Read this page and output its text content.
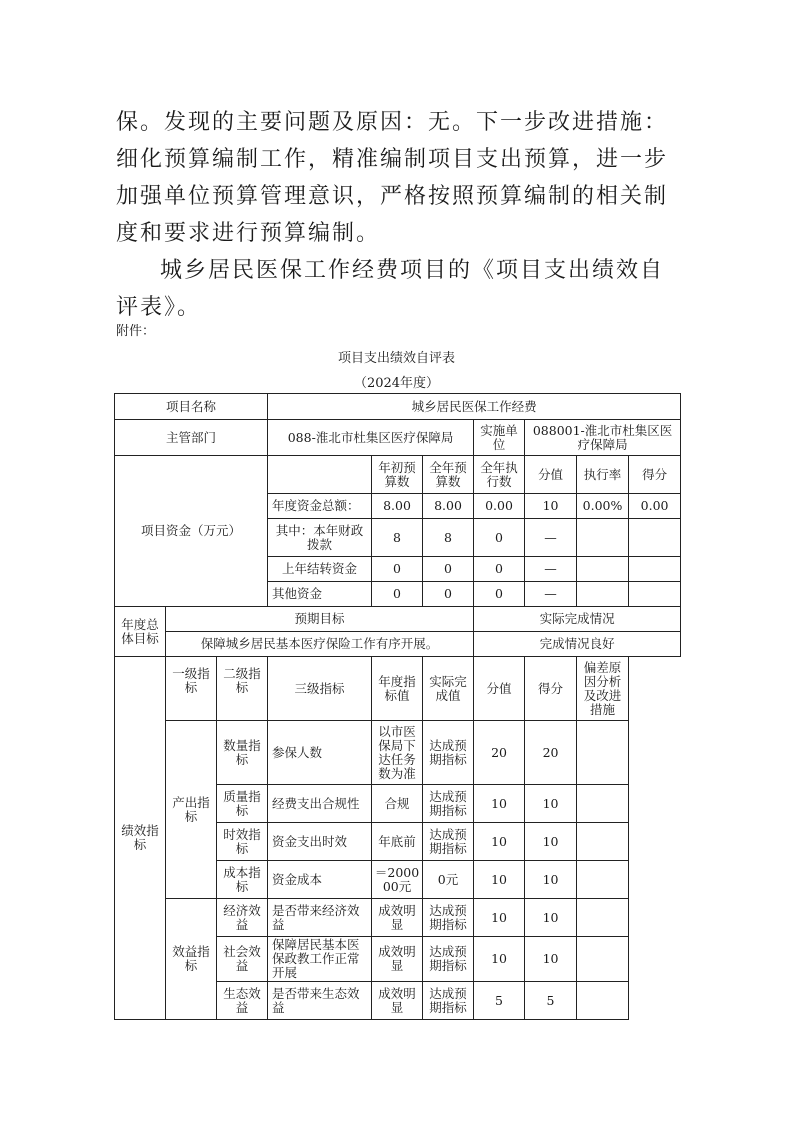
保。发现的主要问题及原因：无。下一步改进措施：细化预算编制工作，精准编制项目支出预算，进一步加强单位预算管理意识，严格按照预算编制的相关制度和要求进行预算编制。

城乡居民医保工作经费项目的《项目支出绩效自评表》。

附件：
项目支出绩效自评表
（2024年度）
项目名称			城乡居民医保工作经费						
主管部门			088-淮北市杜集区医疗保障局			实施单位	088001-淮北市杜集区医疗保障局		
项目资金（万元）				年初预算数	全年预算数	全年执行数	分值	执行率	得分
			年度资金总额：	8.00	8.00	0.00	10	0.00%	0.00
			其中：本年财政拨款	8	8	0	—		
			上年结转资金	0	0	0	—		
			其他资金	0	0	0	—		
年度总体目标	预期目标					实际完成情况			
	保障城乡居民基本医疗保险工作有序开展。					完成情况良好			
绩效指标	一级指标	二级指标	三级指标	年度指标值	实际完成值	分值	得分	偏差原因分析及改进措施	
	产出指标	数量指标	参保人数	以市医保局下达任务数为准	达成预期指标	20	20		
		质量指标	经费支出合规性	合规	达成预期指标	10	10		
		时效指标	资金支出时效	年底前	达成预期指标	10	10		
		成本指标	资金成本	＝200000元	0元	10	10		
	效益指标	经济效益	是否带来经济效益	成效明显	达成预期指标	10	10		
		社会效益	保障居民基本医保政教工作正常开展	成效明显	达成预期指标	10	10		
		生态效益	是否带来生态效益	成效明显	达成预期指标	5	5		
